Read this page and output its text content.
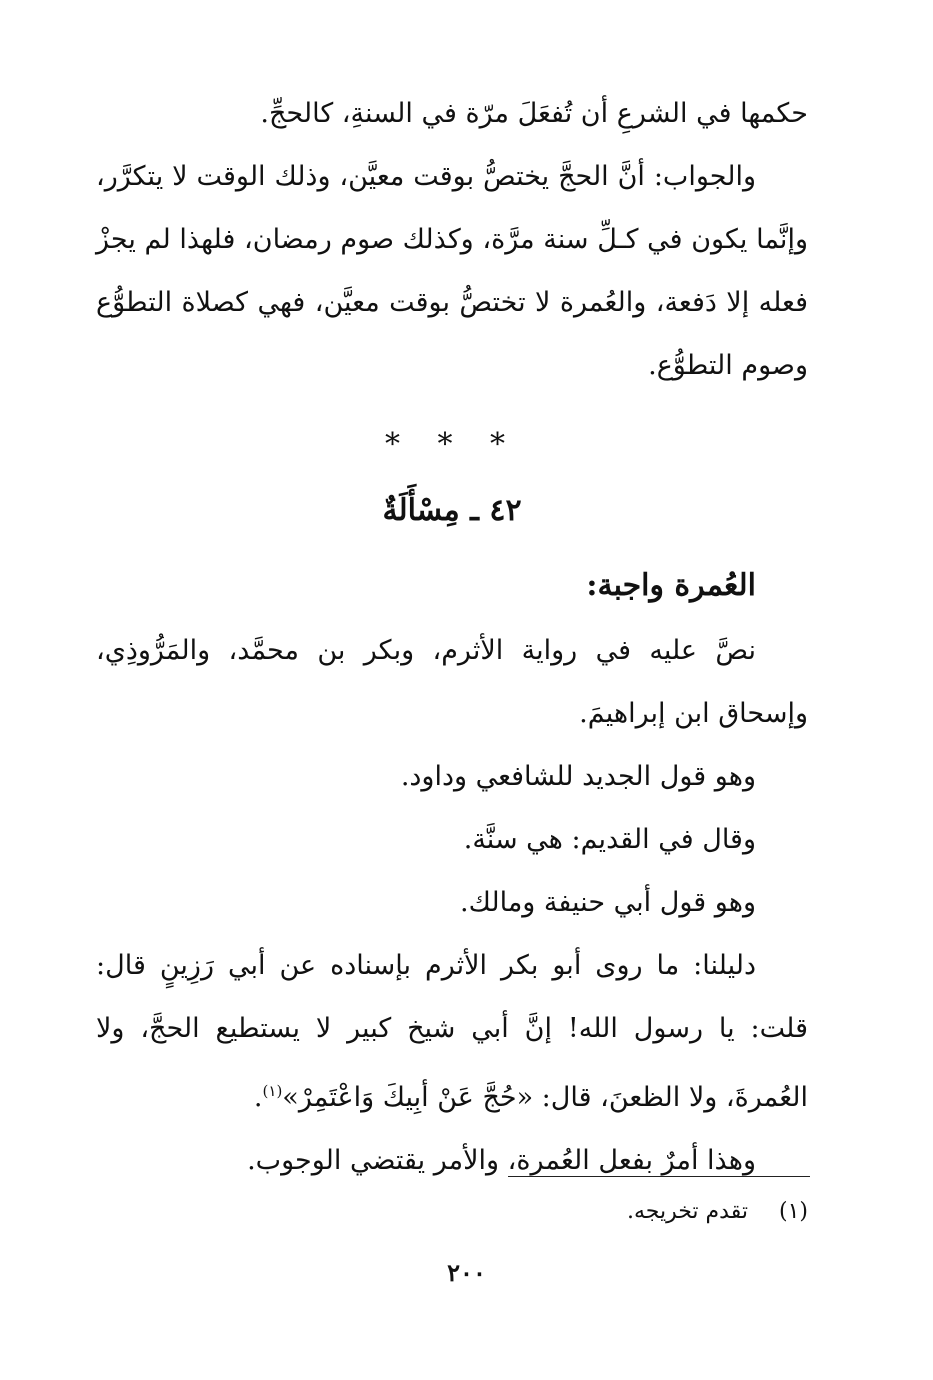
حكمها في الشرعِ أن تُفعَلَ مرّة في السنةِ، كالحجِّ.

والجواب: أنَّ الحجَّ يختصُّ بوقت معيَّن، وذلك الوقت لا يتكرَّر، وإنَّما يكون في كـلِّ سنة مرَّة، وكذلك صوم رمضان، فلهذا لم يجزْ فعله إلا دَفعة، والعُمرة لا تختصُّ بوقت معيَّن، فهي كصلاة التطوُّع وصوم التطوُّع.

* * *
٤٢ ـ مِسْأَلَةٌ

العُمرة واجبة:

نصَّ عليه في رواية الأثرم، وبكر بن محمَّد، والمَرُّوذِي، وإسحاق ابن إبراهيمَ.

وهو قول الجديد للشافعي وداود.

وقال في القديم: هي سنَّة.

وهو قول أبي حنيفة ومالك.

دليلنا: ما روى أبو بكر الأثرم بإسناده عن أبي رَزِينٍ قال: قلت: يا رسول الله! إنَّ أبي شيخ كبير لا يستطيع الحجَّ، ولا العُمرةَ، ولا الظعنَ، قال: «حُجَّ عَنْ أبِيكَ وَاعْتَمِرْ»$^{(١)}$.

وهذا أمرٌ بفعل العُمرة، والأمر يقتضي الوجوب.

(١) تقدم تخريجه.
٢٠٠
